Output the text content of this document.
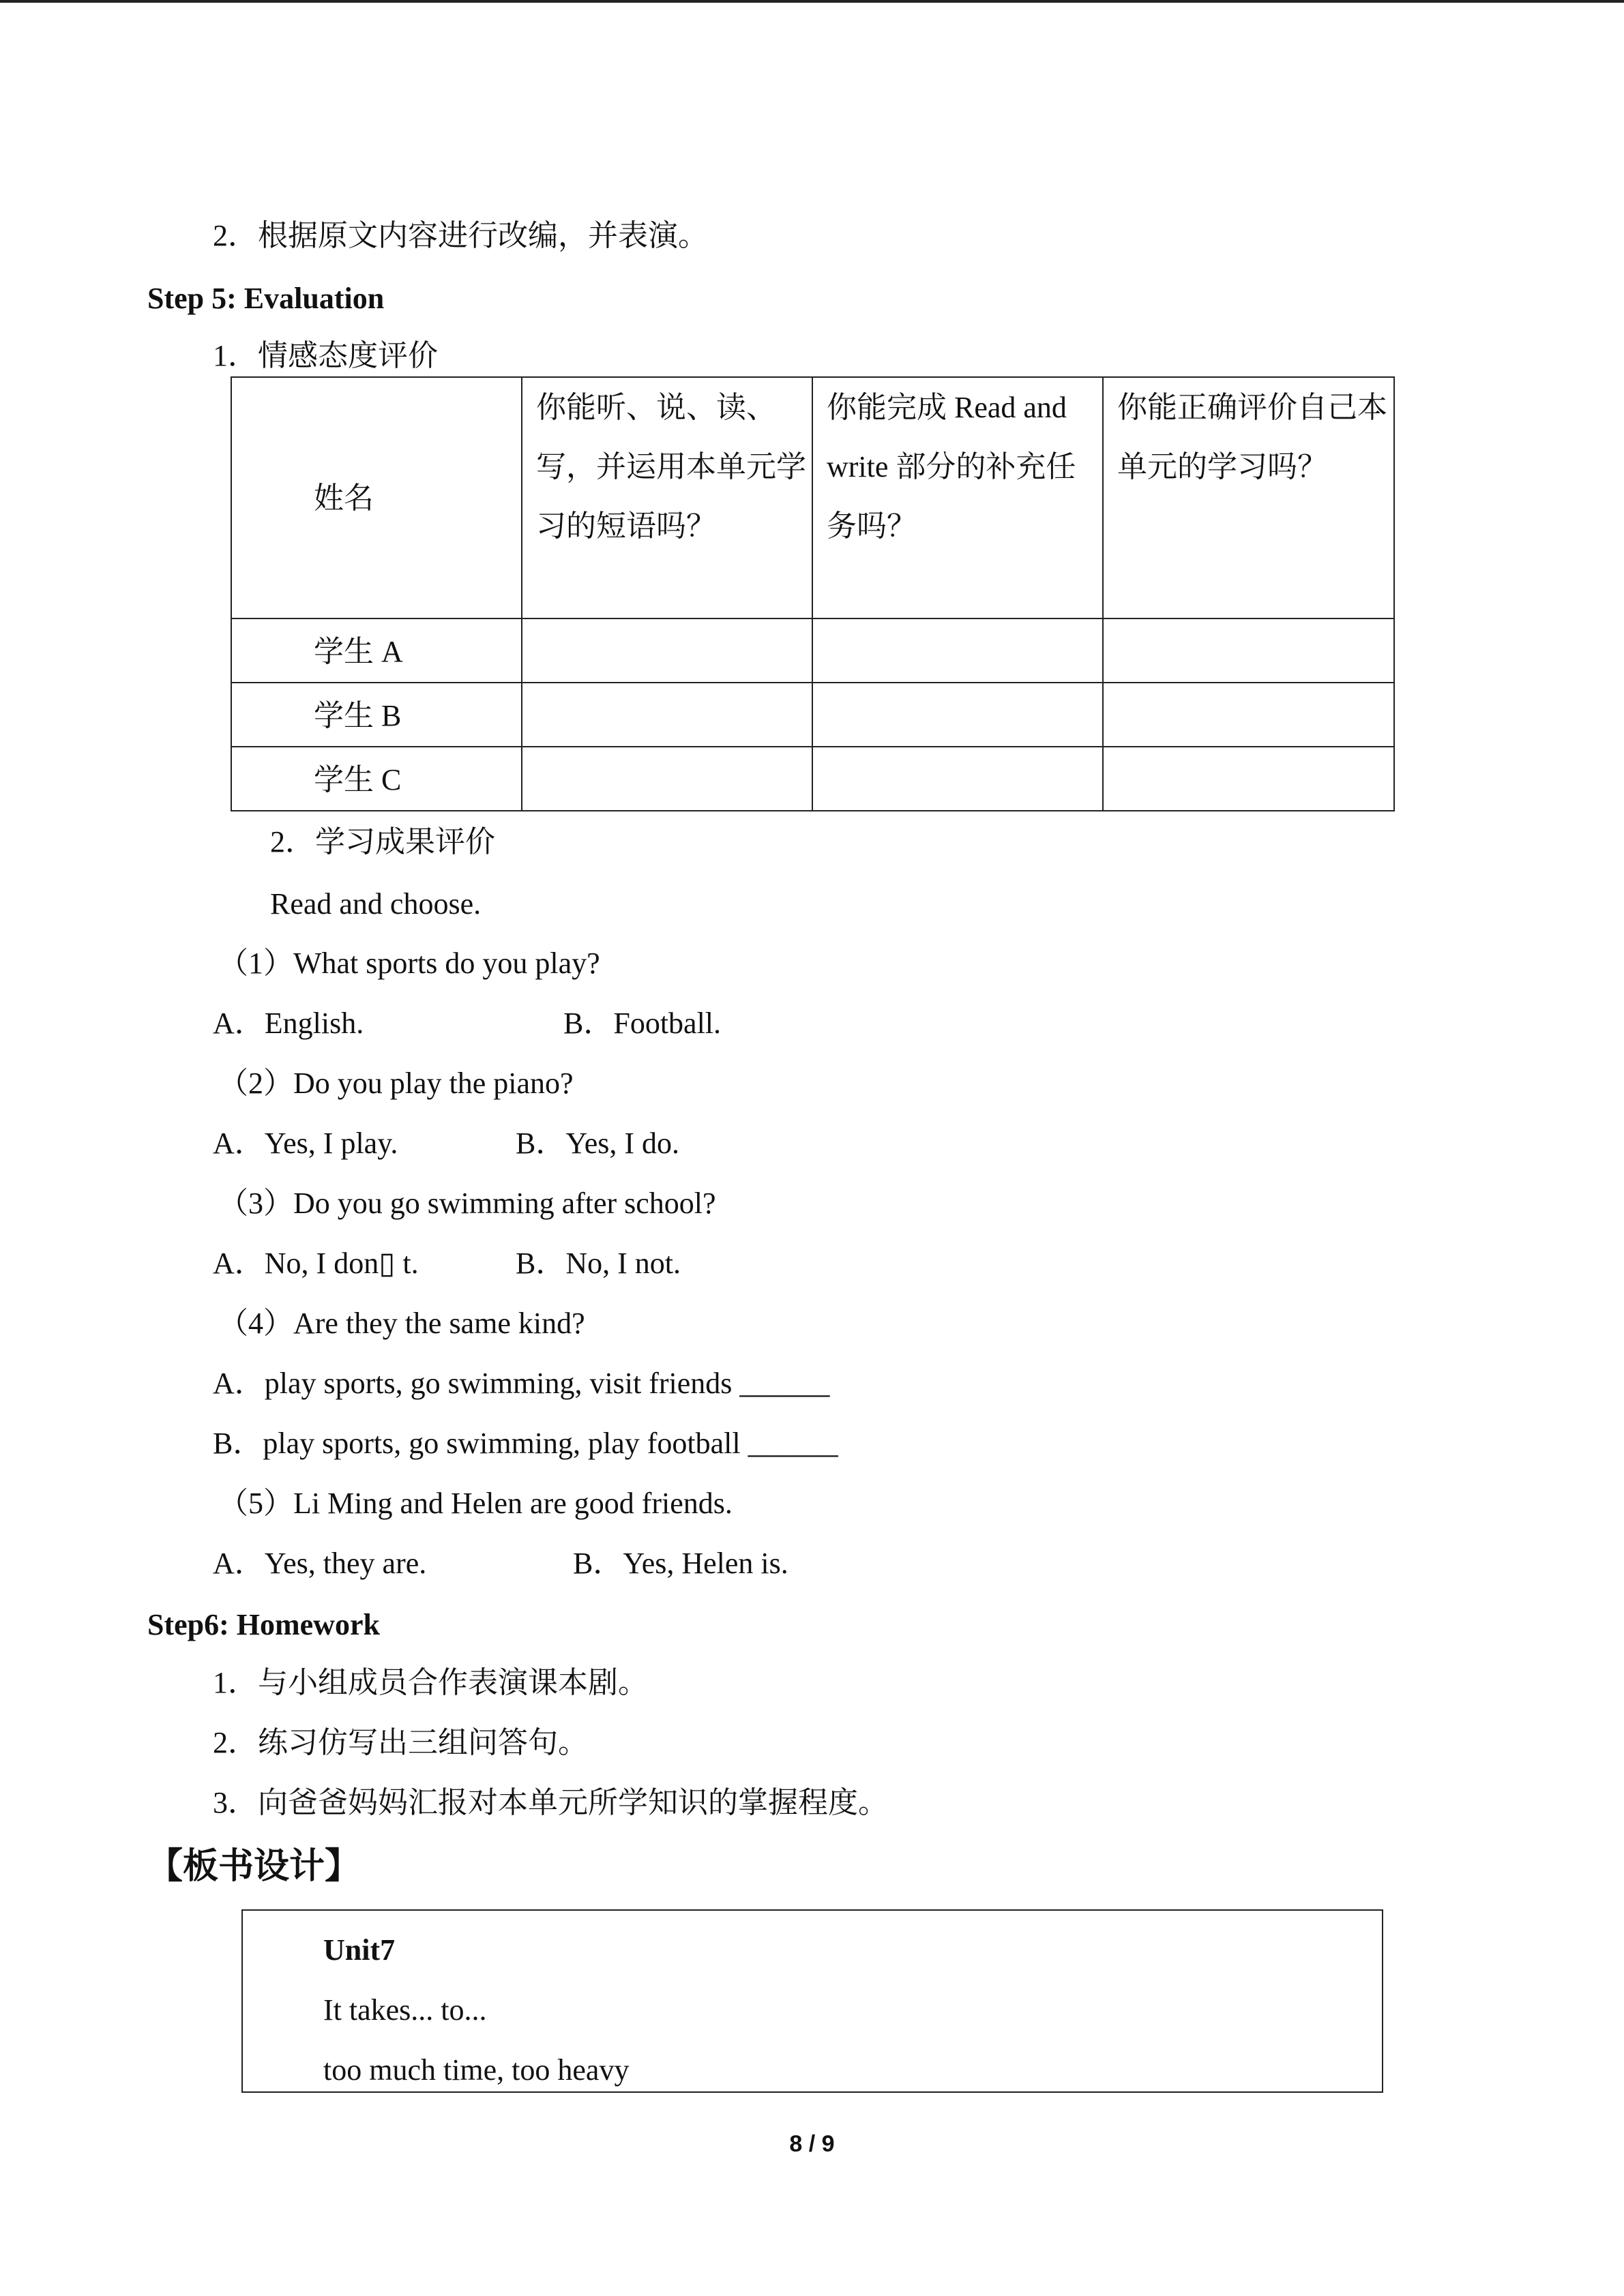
2．根据原文内容进行改编，并表演。
Step 5: Evaluation
1．情感态度评价
姓名	你能听、说、读、写，并运用本单元学习的短语吗？	你能完成 Read and write 部分的补充任务吗？	你能正确评价自己本单元的学习吗？
学生 A			
学生 B			
学生 C			
2．学习成果评价
Read and choose.
（1）What sports do you play?
A．English.	B．Football.
（2）Do you play the piano?
A．Yes, I play.	B．Yes, I do.
（3）Do you go swimming after school?
A．No, I don▯ t.	B．No, I not.
（4）Are they the same kind?
A．play sports, go swimming, visit friends ______
B．play sports, go swimming, play football ______
（5）Li Ming and Helen are good friends.
A．Yes, they are.	B．Yes, Helen is.
Step6: Homework
1．与小组成员合作表演课本剧。
2．练习仿写出三组问答句。
3．向爸爸妈妈汇报对本单元所学知识的掌握程度。
【板书设计】
Unit7
It takes... to...
too much time, too heavy
8 / 9
